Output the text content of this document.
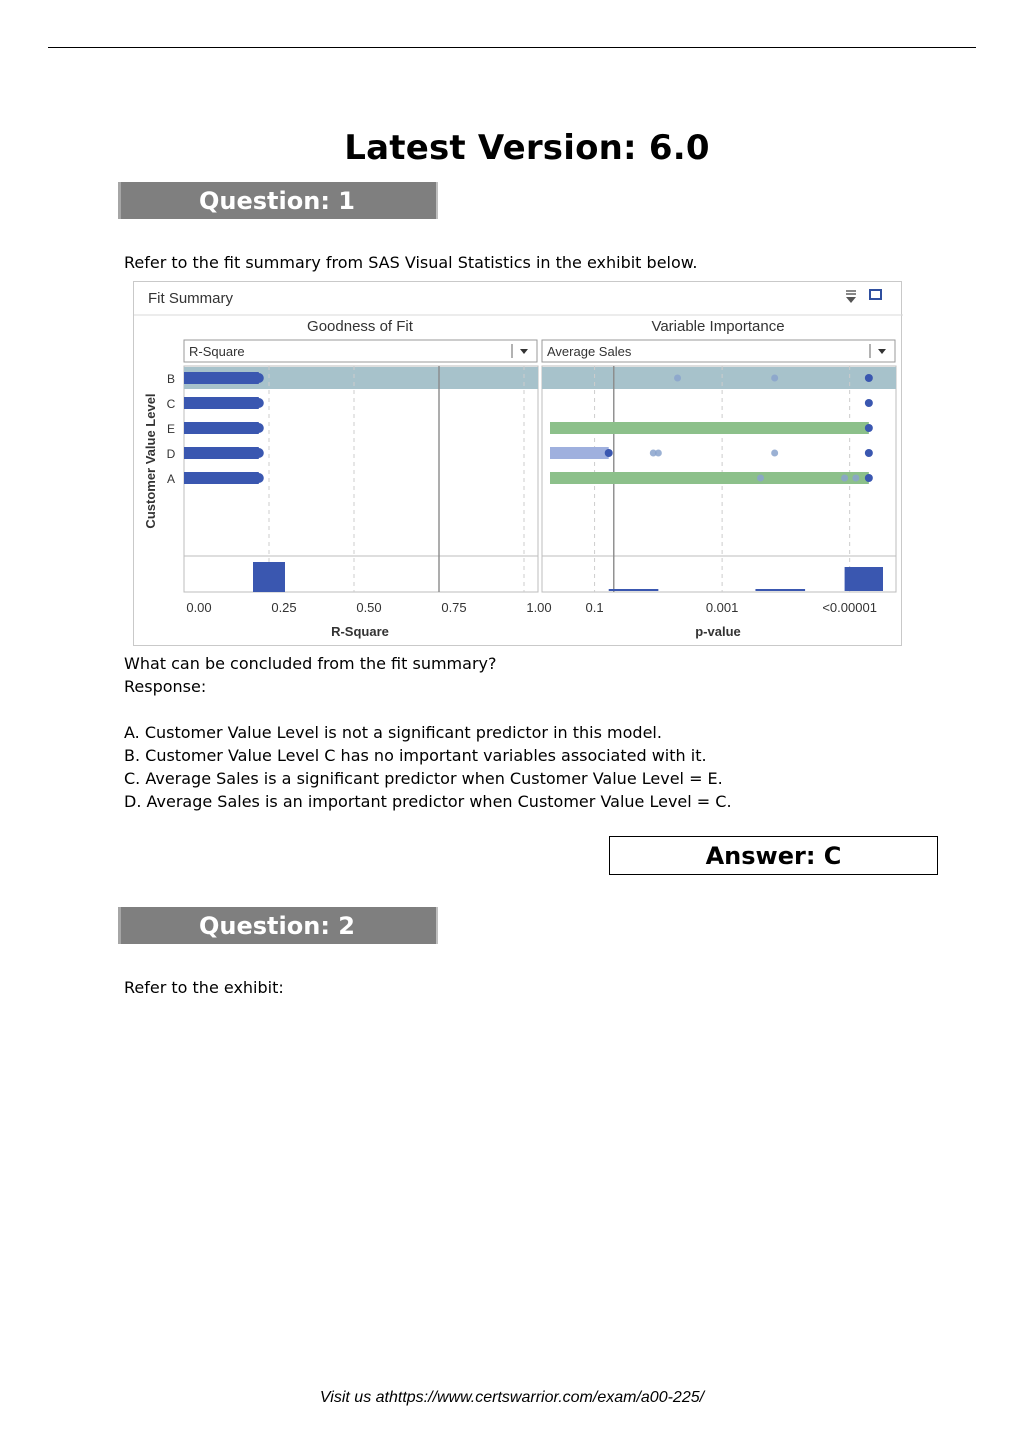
Latest Version: 6.0
Question: 1
Refer to the fit summary from SAS Visual Statistics in the exhibit below.
Fit Summary
Goodness of Fit	Variable Importance
R-Square	Average Sales
Customer Value Level
R-Square	p-value
B
C
E
D
A
0.00	0.25	0.50	0.75	1.00	0.1	0.001	<0.00001
What can be concluded from the fit summary?
Response:
A. Customer Value Level is not a significant predictor in this model.
B. Customer Value Level C has no important variables associated with it.
C. Average Sales is a significant predictor when Customer Value Level = E.
D. Average Sales is an important predictor when Customer Value Level = C.
Answer: C
Question: 2
Refer to the exhibit:
Visit us athttps://www.certswarrior.com/exam/a00-225/
